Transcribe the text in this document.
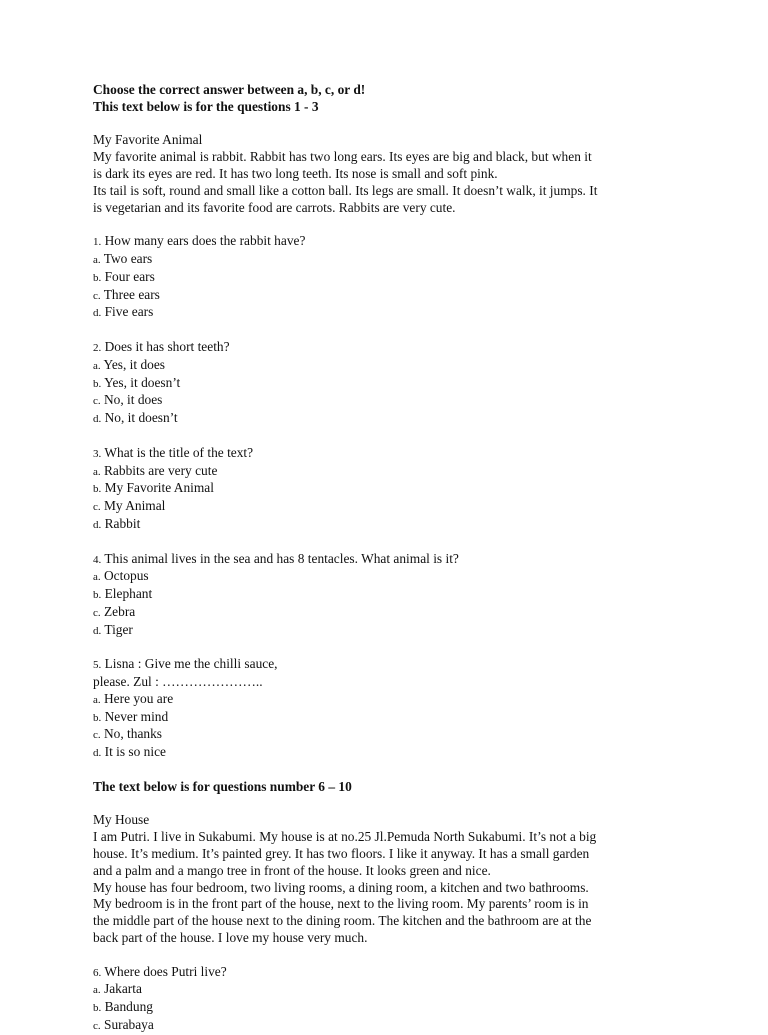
Choose the correct answer between a, b, c, or d!
This text below is for the questions 1 - 3
My Favorite Animal
My favorite animal is rabbit. Rabbit has two long ears. Its eyes are big and black, but when it
is dark its eyes are red. It has two long teeth. Its nose is small and soft pink.
Its tail is soft, round and small like a cotton ball. Its legs are small. It doesn’t walk, it jumps. It
is vegetarian and its favorite food are carrots. Rabbits are very cute.
1. How many ears does the rabbit have?
a. Two ears
b. Four ears
c. Three ears
d. Five ears
2. Does it has short teeth?
a. Yes, it does
b. Yes, it doesn’t
c. No, it does
d. No, it doesn’t
3. What is the title of the text?
a. Rabbits are very cute
b. My Favorite Animal
c. My Animal
d. Rabbit
4. This animal lives in the sea and has 8 tentacles. What animal is it?
a. Octopus
b. Elephant
c. Zebra
d. Tiger
5. Lisna : Give me the chilli sauce,
please. Zul : …………………..
a. Here you are
b. Never mind
c. No, thanks
d. It is so nice
The text below is for questions number 6 – 10
My House
I am Putri. I live in Sukabumi. My house is at no.25 Jl.Pemuda North Sukabumi. It’s not a big
house. It’s medium. It’s painted grey. It has two floors. I like it anyway. It has a small garden
and a palm and a mango tree in front of the house. It looks green and nice.
My house has four bedroom, two living rooms, a dining room, a kitchen and two bathrooms.
My bedroom is in the front part of the house, next to the living room. My parents’ room is in
the middle part of the house next to the dining room. The kitchen and the bathroom are at the
back part of the house. I love my house very much.
6. Where does Putri live?
a. Jakarta
b. Bandung
c. Surabaya
